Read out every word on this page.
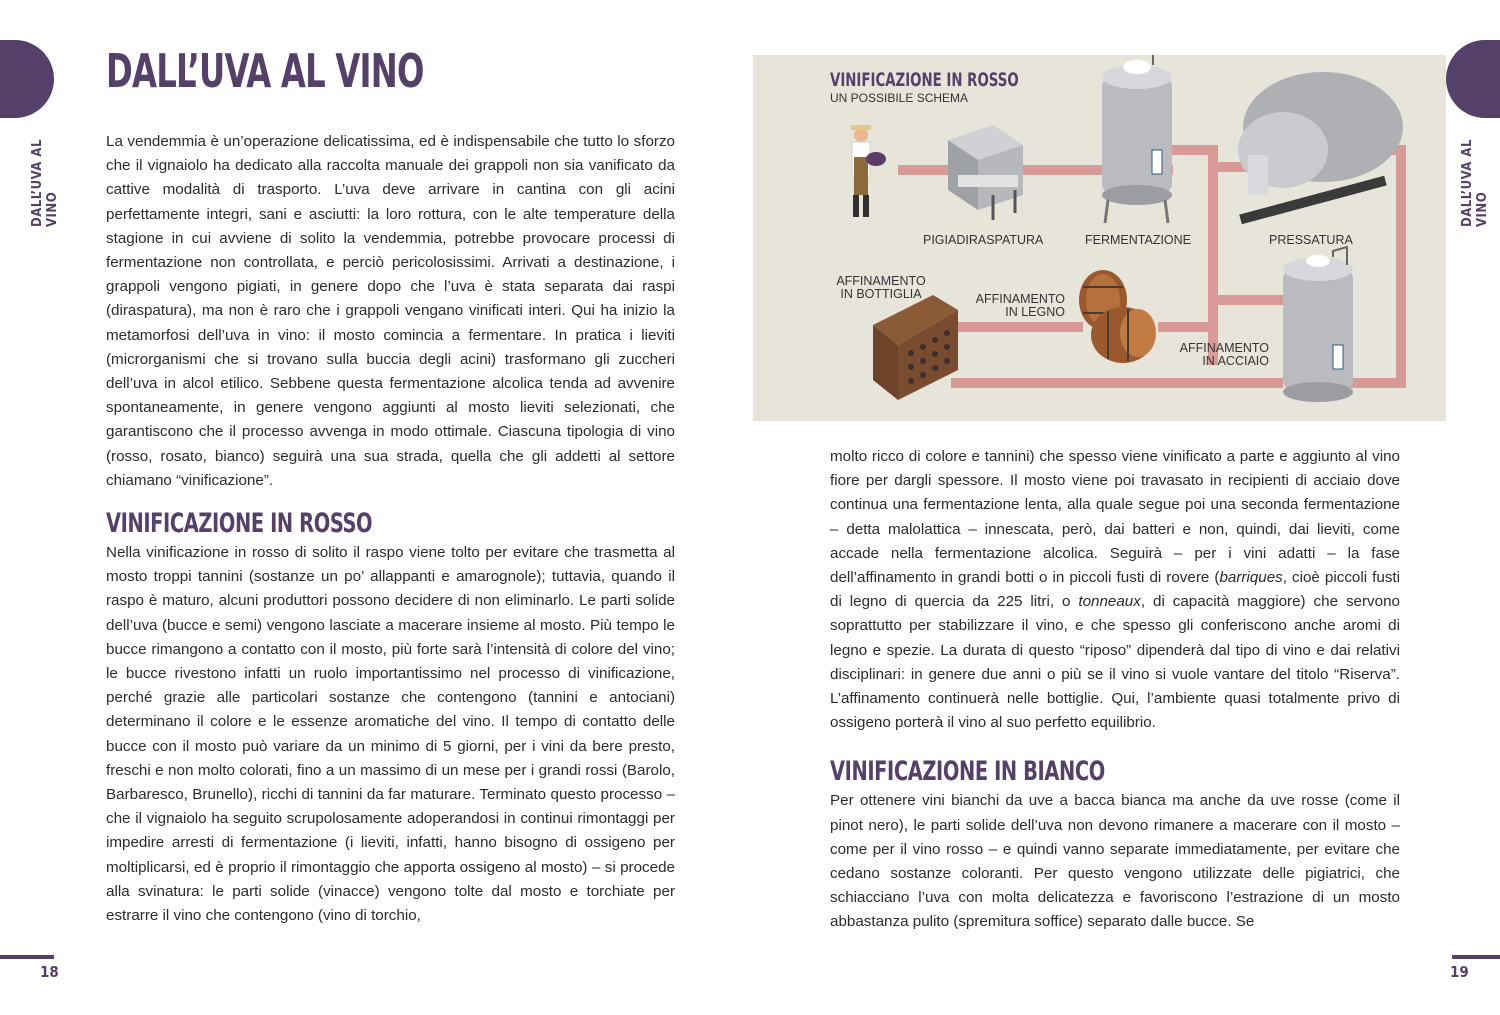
DALL’UVA AL VINO	DALL’UVA AL VINO
18	19
DALL’UVA AL VINO

La vendemmia è un’operazione delicatissima, ed è indispensabile che tutto lo sforzo che il vignaiolo ha dedicato alla raccolta manuale dei grappoli non sia vanificato da cattive modalità di trasporto. L’uva deve arrivare in cantina con gli acini perfettamente integri, sani e asciutti: la loro rottura, con le alte temperature della stagione in cui avviene di solito la vendemmia, potrebbe provocare processi di fermentazione non controllata, e perciò pericolosissimi. Arrivati a destinazione, i grappoli vengono pigiati, in genere dopo che l’uva è stata separata dai raspi (diraspatura), ma non è raro che i grappoli vengano vinificati interi. Qui ha inizio la metamorfosi dell’uva in vino: il mosto comincia a fermentare. In pratica i lieviti (microrganismi che si trovano sulla buccia degli acini) trasformano gli zuccheri dell’uva in alcol etilico. Sebbene questa fermentazione alcolica tenda ad avvenire spontaneamente, in genere vengono aggiunti al mosto lieviti selezionati, che garantiscono che il processo avvenga in modo ottimale. Ciascuna tipologia di vino (rosso, rosato, bianco) seguirà una sua strada, quella che gli addetti al settore chiamano “vinificazione”.

VINIFICAZIONE IN ROSSO

Nella vinificazione in rosso di solito il raspo viene tolto per evitare che trasmetta al mosto troppi tannini (sostanze un po’ allappanti e amarognole); tuttavia, quando il raspo è maturo, alcuni produttori possono decidere di non eliminarlo. Le parti solide dell’uva (bucce e semi) vengono lasciate a macerare insieme al mosto. Più tempo le bucce rimangono a contatto con il mosto, più forte sarà l’intensità di colore del vino; le bucce rivestono infatti un ruolo importantissimo nel processo di vinificazione, perché grazie alle particolari sostanze che contengono (tannini e antociani) determinano il colore e le essenze aromatiche del vino. Il tempo di contatto delle bucce con il mosto può variare da un minimo di 5 giorni, per i vini da bere presto, freschi e non molto colorati, fino a un massimo di un mese per i grandi rossi (Barolo, Barbaresco, Brunello), ricchi di tannini da far maturare. Terminato questo processo – che il vignaiolo ha seguito scrupolosamente adoperandosi in continui rimontaggi per impedire arresti di fermentazione (i lieviti, infatti, hanno bisogno di ossigeno per moltiplicarsi, ed è proprio il rimontaggio che apporta ossigeno al mosto) – si procede alla svinatura: le parti solide (vinacce) vengono tolte dal mosto e torchiate per estrarre il vino che contengono (vino di torchio,

VINIFICAZIONE IN ROSSO
UN POSSIBILE SCHEMA
PIGIADIRASPATURA	FERMENTAZIONE	PRESSATURA
AFFINAMENTO
IN BOTTIGLIA	AFFINAMENTO
IN LEGNO
AFFINAMENTO
IN ACCIAIO

molto ricco di colore e tannini) che spesso viene vinificato a parte e aggiunto al vino fiore per dargli spessore. Il mosto viene poi travasato in recipienti di acciaio dove continua una fermentazione lenta, alla quale segue poi una seconda fermentazione – detta malolattica – innescata, però, dai batteri e non, quindi, dai lieviti, come accade nella fermentazione alcolica. Seguirà – per i vini adatti – la fase dell’affinamento in grandi botti o in piccoli fusti di rovere (barriques, cioè piccoli fusti di legno di quercia da 225 litri, o tonneaux, di capacità maggiore) che servono soprattutto per stabilizzare il vino, e che spesso gli conferiscono anche aromi di legno e spezie. La durata di questo “riposo” dipenderà dal tipo di vino e dai relativi disciplinari: in genere due anni o più se il vino si vuole vantare del titolo “Riserva”. L’affinamento continuerà nelle bottiglie. Qui, l’ambiente quasi totalmente privo di ossigeno porterà il vino al suo perfetto equilibrio.

VINIFICAZIONE IN BIANCO

Per ottenere vini bianchi da uve a bacca bianca ma anche da uve rosse (come il pinot nero), le parti solide dell’uva non devono rimanere a macerare con il mosto – come per il vino rosso – e quindi vanno separate immediatamente, per evitare che cedano sostanze coloranti. Per questo vengono utilizzate delle pigiatrici, che schiacciano l’uva con molta delicatezza e favoriscono l’estrazione di un mosto abbastanza pulito (spremitura soffice) separato dalle bucce. Se
